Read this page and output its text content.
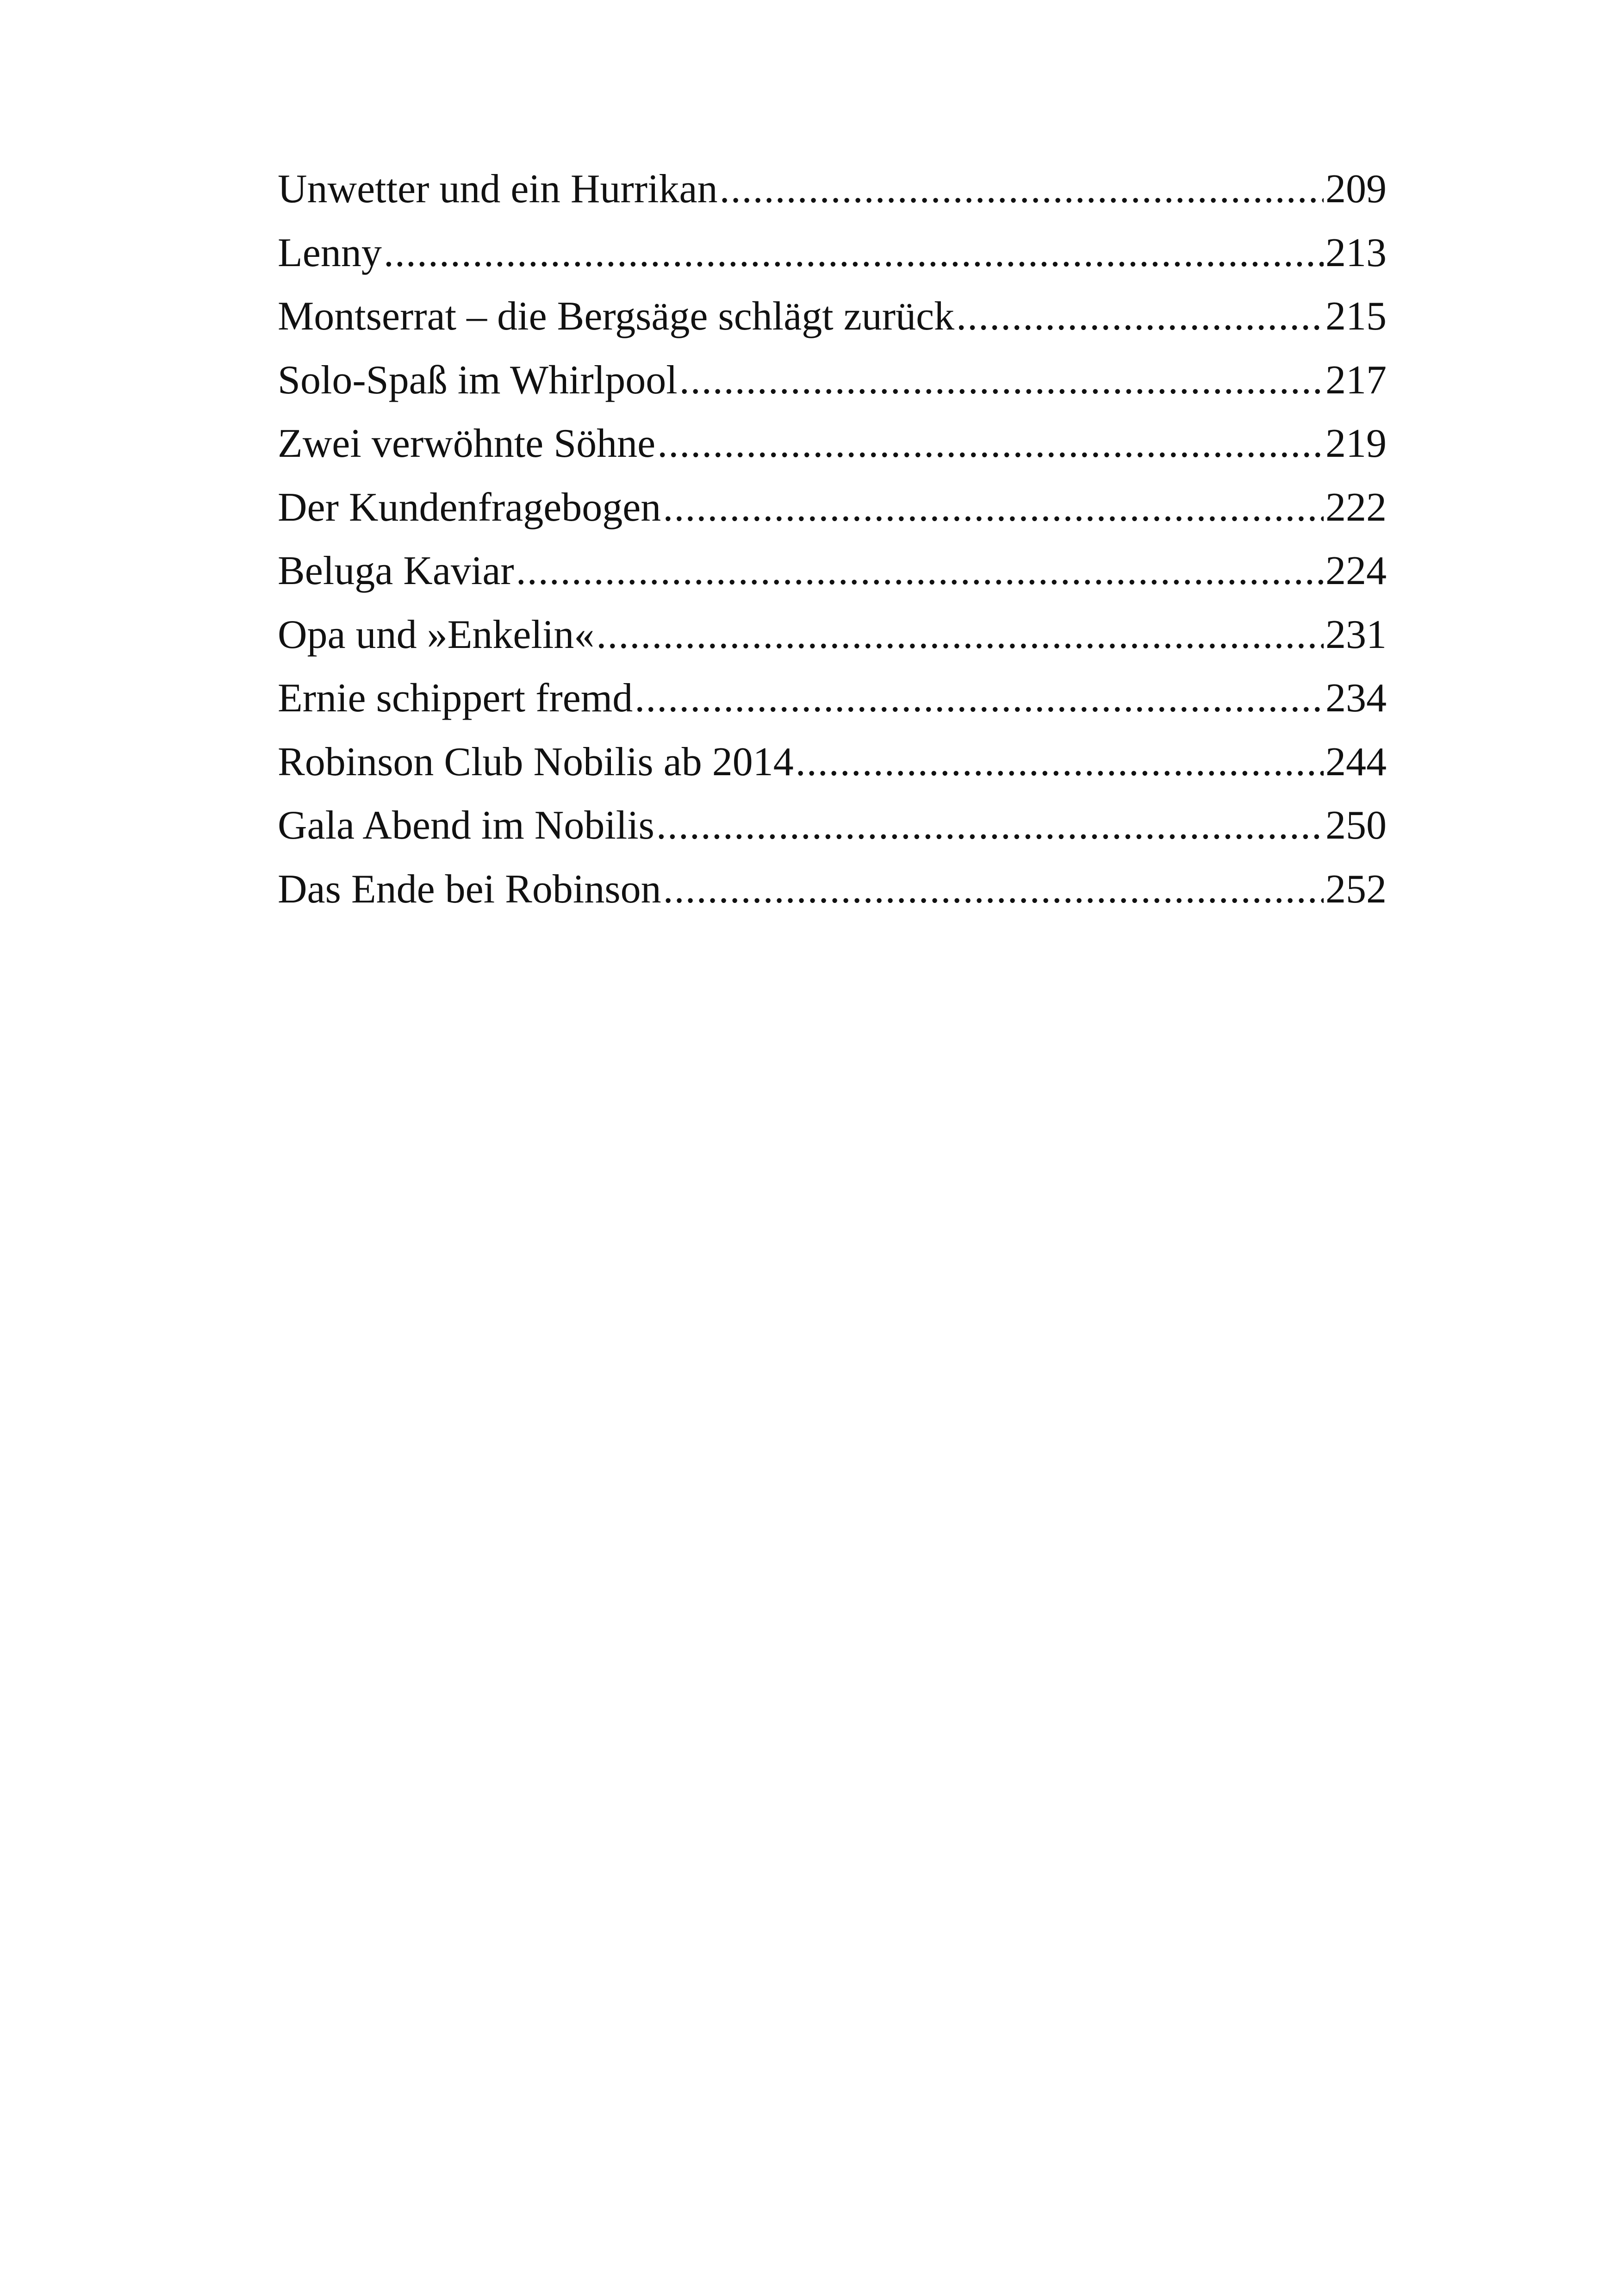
Unwetter und ein Hurrikan .....	209
Lenny .....	213
Montserrat – die Bergsäge schlägt zurück .....	215
Solo-Spaß im Whirlpool .....	217
Zwei verwöhnte Söhne .....	219
Der Kundenfragebogen .....	222
Beluga Kaviar .....	224
Opa und »Enkelin« .....	231
Ernie schippert fremd .....	234
Robinson Club Nobilis ab 2014 .....	244
Gala Abend im Nobilis .....	250
Das Ende bei Robinson .....	252
